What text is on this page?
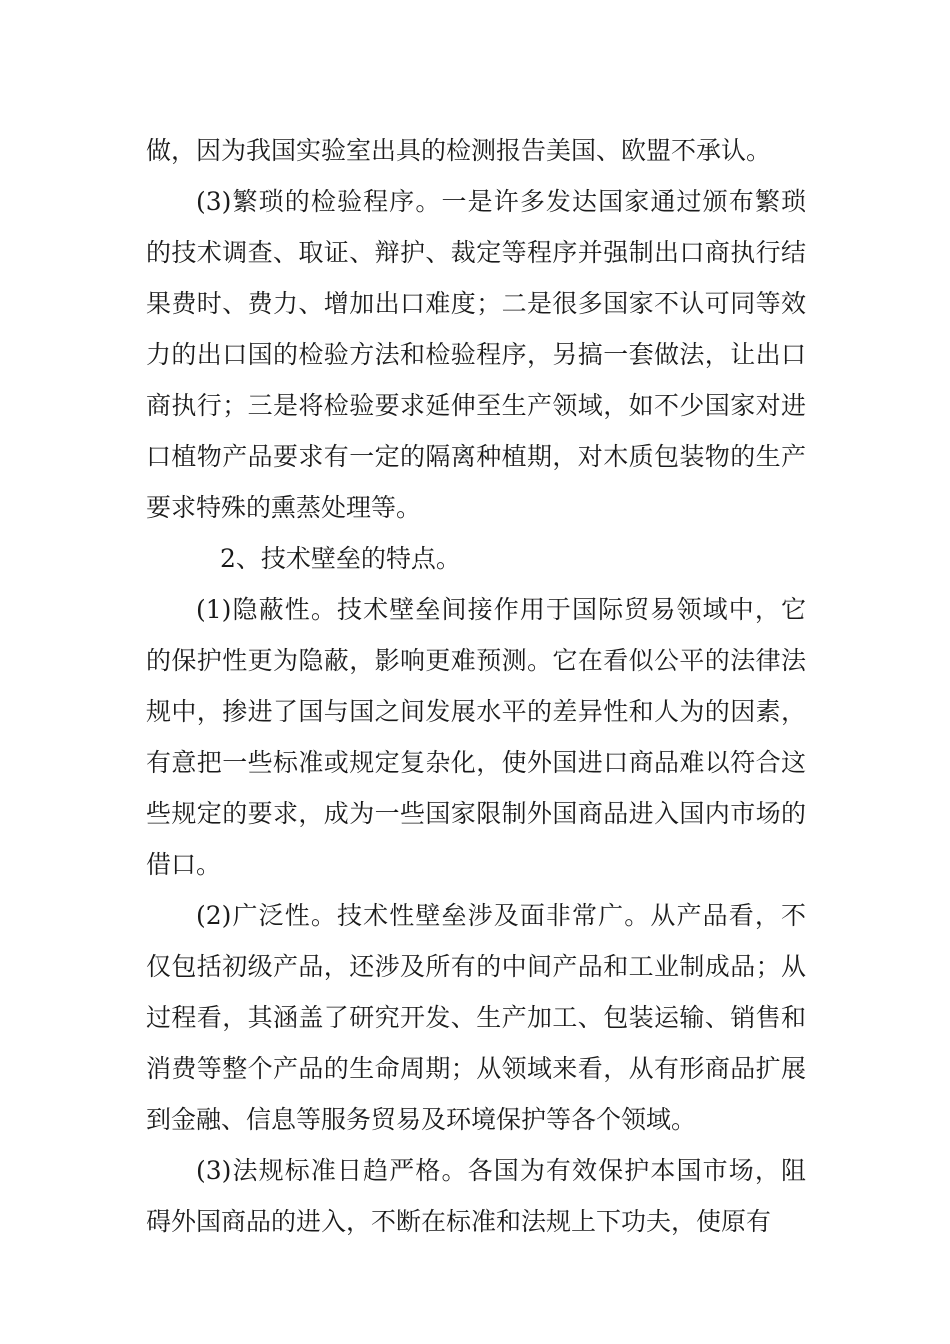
做，因为我国实验室出具的检测报告美国、欧盟不承认。

(3)繁琐的检验程序。一是许多发达国家通过颁布繁琐的技术调查、取证、辩护、裁定等程序并强制出口商执行结果费时、费力、增加出口难度；二是很多国家不认可同等效力的出口国的检验方法和检验程序，另搞一套做法，让出口商执行；三是将检验要求延伸至生产领域，如不少国家对进口植物产品要求有一定的隔离种植期，对木质包装物的生产要求特殊的熏蒸处理等。

2、技术壁垒的特点。

(1)隐蔽性。技术壁垒间接作用于国际贸易领域中，它的保护性更为隐蔽，影响更难预测。它在看似公平的法律法规中，掺进了国与国之间发展水平的差异性和人为的因素，有意把一些标准或规定复杂化，使外国进口商品难以符合这些规定的要求，成为一些国家限制外国商品进入国内市场的借口。

(2)广泛性。技术性壁垒涉及面非常广。从产品看，不仅包括初级产品，还涉及所有的中间产品和工业制成品；从过程看，其涵盖了研究开发、生产加工、包装运输、销售和消费等整个产品的生命周期；从领域来看，从有形商品扩展到金融、信息等服务贸易及环境保护等各个领域。

(3)法规标准日趋严格。各国为有效保护本国市场，阻碍外国商品的进入，不断在标准和法规上下功夫，使原有
